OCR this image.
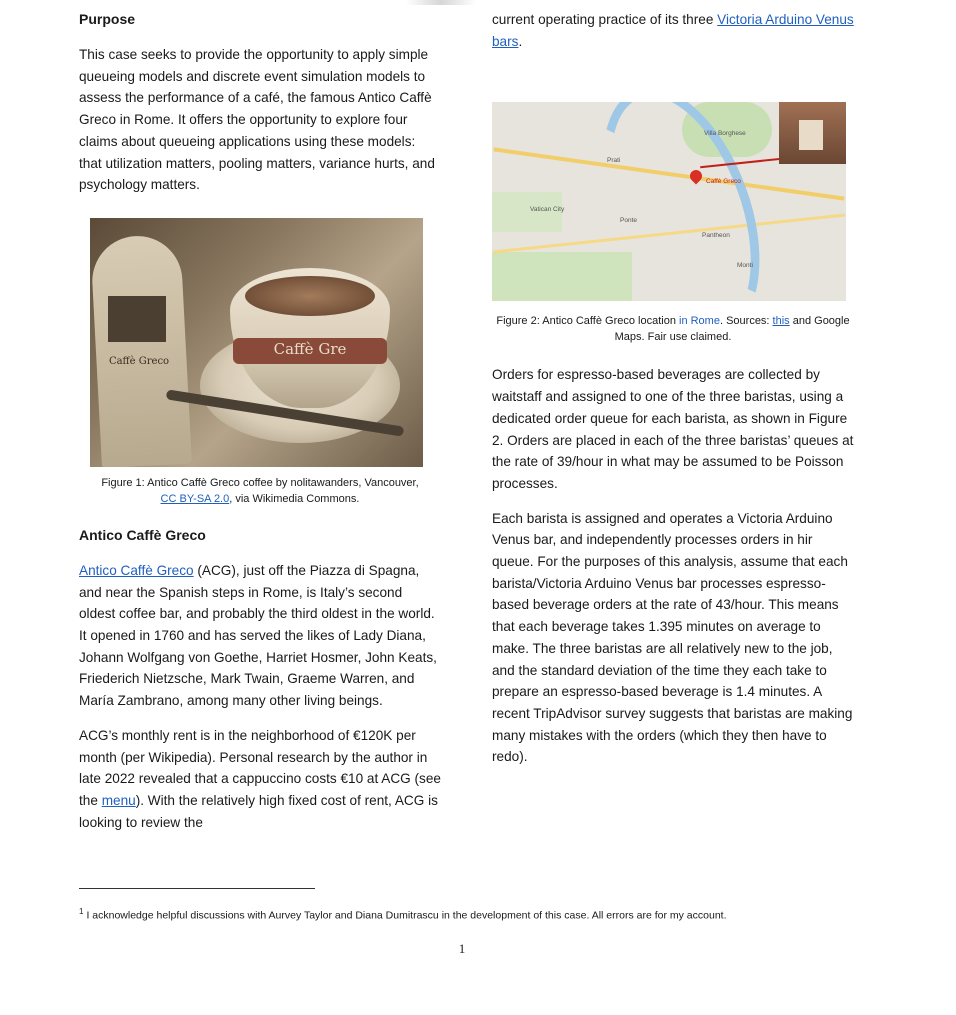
Purpose

This case seeks to provide the opportunity to apply simple queueing models and discrete event simulation models to assess the performance of a café, the famous Antico Caffè Greco in Rome. It offers the opportunity to explore four claims about queueing applications using these models: that utilization matters, pooling matters, variance hurts, and psychology matters.

Caffè Greco
Caffè Gre

Figure 1: Antico Caffè Greco coffee by nolitawanders, Vancouver,
CC BY-SA 2.0, via Wikimedia Commons.

Antico Caffè Greco

Antico Caffè Greco (ACG), just off the Piazza di Spagna, and near the Spanish steps in Rome, is Italy’s second oldest coffee bar, and probably the third oldest in the world. It opened in 1760 and has served the likes of Lady Diana, Johann Wolfgang von Goethe, Harriet Hosmer, John Keats, Friederich Nietzsche, Mark Twain, Graeme Warren, and María Zambrano, among many other living beings.

ACG’s monthly rent is in the neighborhood of €120K per month (per Wikipedia). Personal research by the author in late 2022 revealed that a cappuccino costs €10 at ACG (see the menu). With the relatively high fixed cost of rent, ACG is looking to review the

current operating practice of its three Victoria Arduino Venus bars.

Prati
Vatican City
Ponte
Pantheon
Monti
Villa Borghese
Caffè Greco

Figure 2: Antico Caffè Greco location in Rome. Sources: this and Google Maps. Fair use claimed.

Orders for espresso-based beverages are collected by waitstaff and assigned to one of the three baristas, using a dedicated order queue for each barista, as shown in Figure 2. Orders are placed in each of the three baristas’ queues at the rate of 39/hour in what may be assumed to be Poisson processes.

Each barista is assigned and operates a Victoria Arduino Venus bar, and independently processes orders in hir queue. For the purposes of this analysis, assume that each barista/Victoria Arduino Venus bar processes espresso-based beverage orders at the rate of 43/hour. This means that each beverage takes 1.395 minutes on average to make. The three baristas are all relatively new to the job, and the standard deviation of the time they each take to prepare an espresso-based beverage is 1.4 minutes. A recent TripAdvisor survey suggests that baristas are making many mistakes with the orders (which they then have to redo).

$^1$ I acknowledge helpful discussions with Aurvey Taylor and Diana Dumitrascu in the development of this case. All errors are for my account.
1
